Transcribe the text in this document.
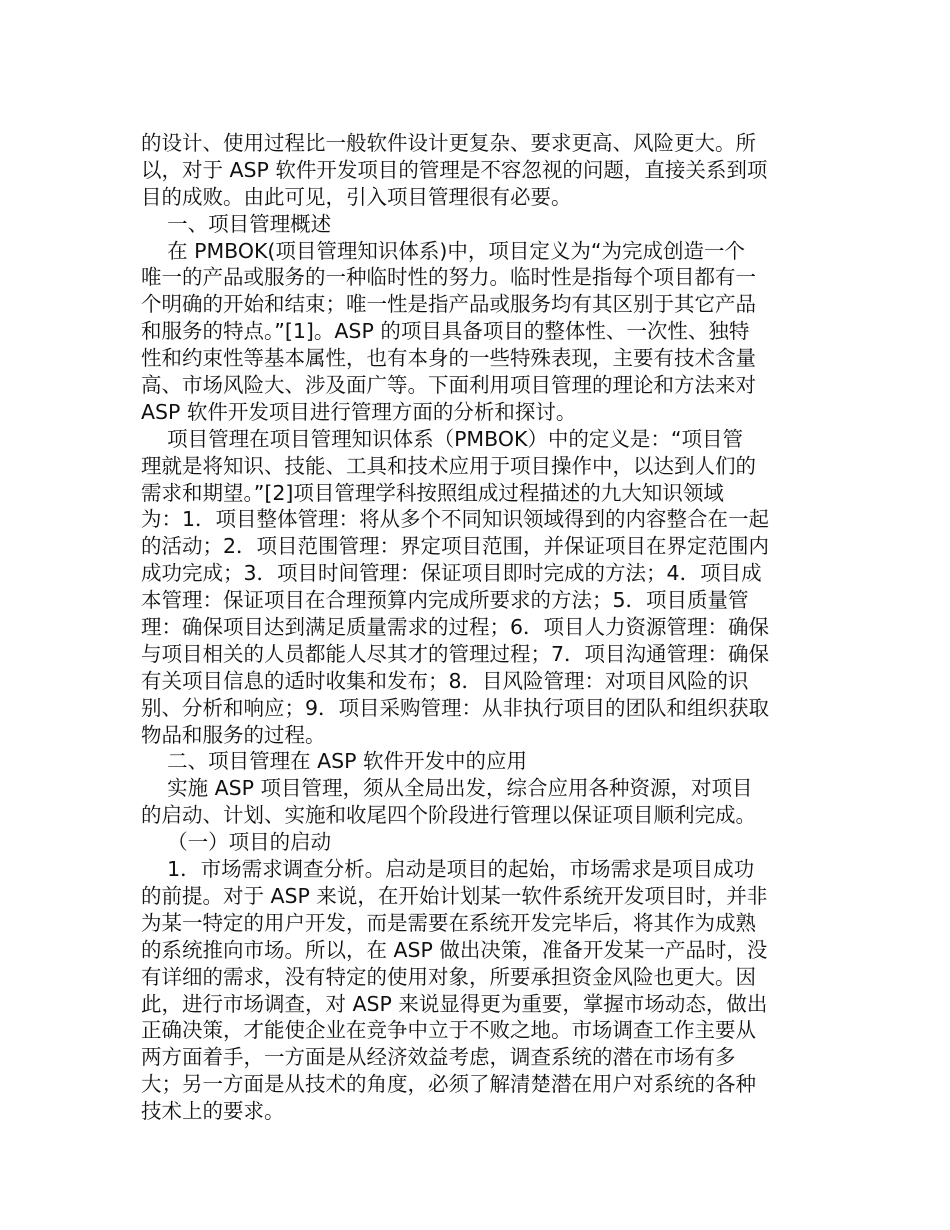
的设计、使用过程比一般软件设计更复杂、要求更高、风险更大。所
以，对于 ASP 软件开发项目的管理是不容忽视的问题，直接关系到项
目的成败。由此可见，引入项目管理很有必要。
一、项目管理概述
在 PMBOK(项目管理知识体系)中，项目定义为“为完成创造一个
唯一的产品或服务的一种临时性的努力。临时性是指每个项目都有一
个明确的开始和结束；唯一性是指产品或服务均有其区别于其它产品
和服务的特点。”[1]。ASP 的项目具备项目的整体性、一次性、独特
性和约束性等基本属性，也有本身的一些特殊表现，主要有技术含量
高、市场风险大、涉及面广等。下面利用项目管理的理论和方法来对
ASP 软件开发项目进行管理方面的分析和探讨。
项目管理在项目管理知识体系（PMBOK）中的定义是：“项目管
理就是将知识、技能、工具和技术应用于项目操作中，以达到人们的
需求和期望。”[2]项目管理学科按照组成过程描述的九大知识领域
为：1．项目整体管理：将从多个不同知识领域得到的内容整合在一起
的活动；2．项目范围管理：界定项目范围，并保证项目在界定范围内
成功完成；3．项目时间管理：保证项目即时完成的方法；4．项目成
本管理：保证项目在合理预算内完成所要求的方法；5．项目质量管
理：确保项目达到满足质量需求的过程；6．项目人力资源管理：确保
与项目相关的人员都能人尽其才的管理过程；7．项目沟通管理：确保
有关项目信息的适时收集和发布；8．目风险管理：对项目风险的识
别、分析和响应；9．项目采购管理：从非执行项目的团队和组织获取
物品和服务的过程。
二、项目管理在 ASP 软件开发中的应用
实施 ASP 项目管理，须从全局出发，综合应用各种资源，对项目
的启动、计划、实施和收尾四个阶段进行管理以保证项目顺利完成。
（一）项目的启动
1．市场需求调查分析。启动是项目的起始，市场需求是项目成功
的前提。对于 ASP 来说，在开始计划某一软件系统开发项目时，并非
为某一特定的用户开发，而是需要在系统开发完毕后，将其作为成熟
的系统推向市场。所以，在 ASP 做出决策，准备开发某一产品时，没
有详细的需求，没有特定的使用对象，所要承担资金风险也更大。因
此，进行市场调查，对 ASP 来说显得更为重要，掌握市场动态，做出
正确决策，才能使企业在竞争中立于不败之地。市场调查工作主要从
两方面着手，一方面是从经济效益考虑，调查系统的潜在市场有多
大；另一方面是从技术的角度，必须了解清楚潜在用户对系统的各种
技术上的要求。
